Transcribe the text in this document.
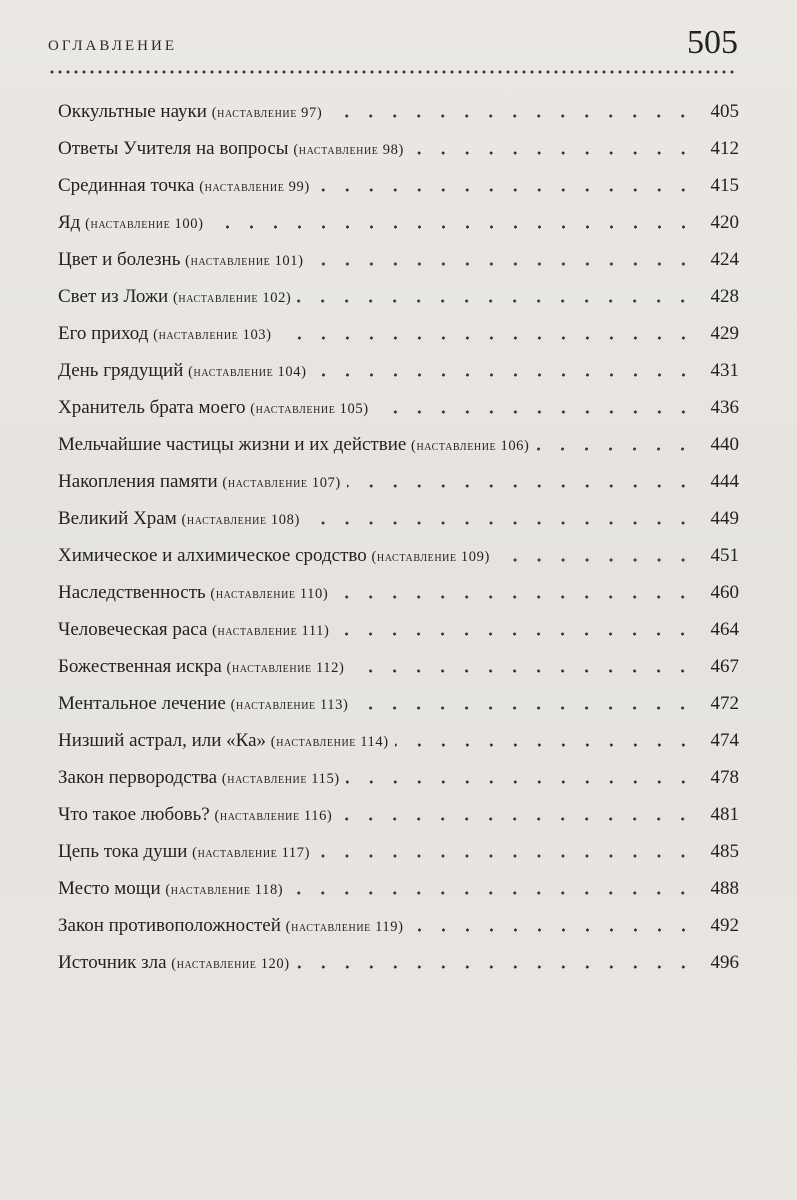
ОГЛАВЛЕНИЕ	505
Оккультные науки (наставление 97)	405
Ответы Учителя на вопросы (наставление 98)	412
Срединная точка (наставление 99)	415
Яд (наставление 100)	420
Цвет и болезнь (наставление 101)	424
Свет из Ложи (наставление 102)	428
Его приход (наставление 103)	429
День грядущий (наставление 104)	431
Хранитель брата моего (наставление 105)	436
Мельчайшие частицы жизни и их действие (наставление 106)	440
Накопления памяти (наставление 107)	444
Великий Храм (наставление 108)	449
Химическое и алхимическое сродство (наставление 109)	451
Наследственность (наставление 110)	460
Человеческая раса (наставление 111)	464
Божественная искра (наставление 112)	467
Ментальное лечение (наставление 113)	472
Низший астрал, или «Ка» (наставление 114)	474
Закон первородства (наставление 115)	478
Что такое любовь? (наставление 116)	481
Цепь тока души (наставление 117)	485
Место мощи (наставление 118)	488
Закон противоположностей (наставление 119)	492
Источник зла (наставление 120)	496
